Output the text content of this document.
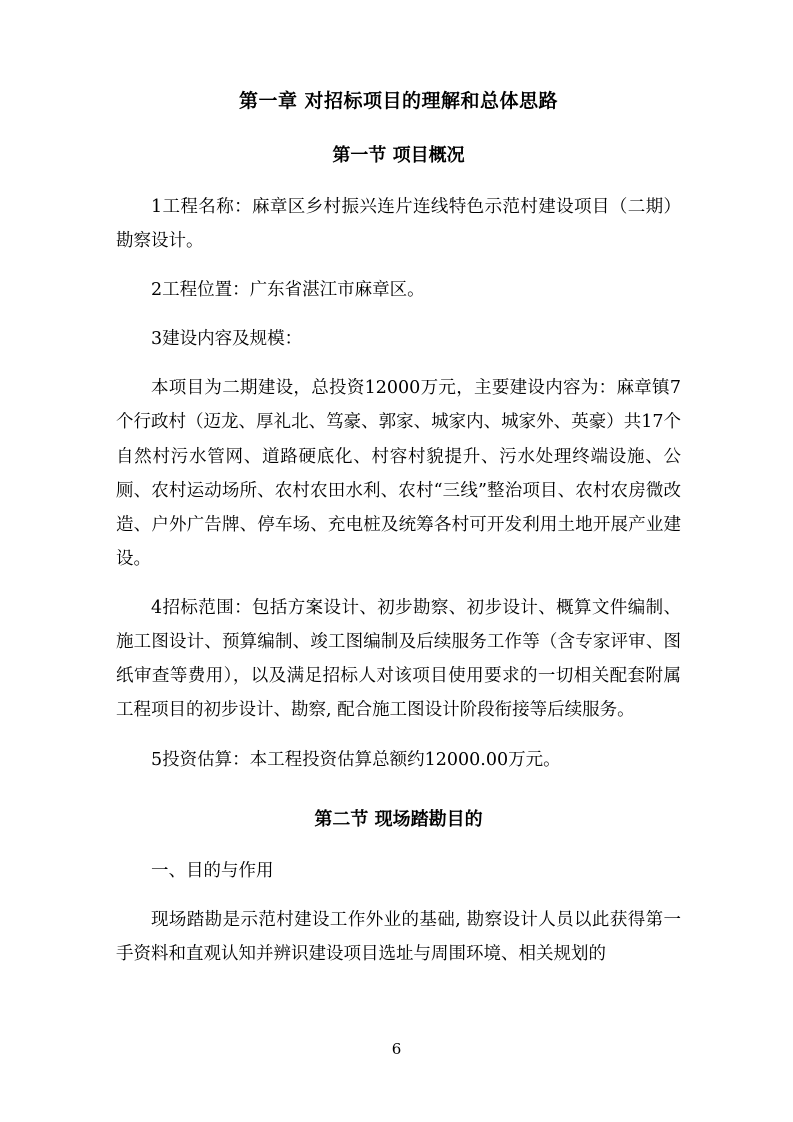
第一章 对招标项目的理解和总体思路
第一节 项目概况

1工程名称：麻章区乡村振兴连片连线特色示范村建设项目（二期）勘察设计。

2工程位置：广东省湛江市麻章区。

3建设内容及规模：

本项目为二期建设，总投资12000万元，主要建设内容为：麻章镇7个行政村（迈龙、厚礼北、笃豪、郭家、城家内、城家外、英豪）共17个自然村污水管网、道路硬底化、村容村貌提升、污水处理终端设施、公厕、农村运动场所、农村农田水利、农村“三线”整治项目、农村农房微改造、户外广告牌、停车场、充电桩及统筹各村可开发利用土地开展产业建设。

4招标范围：包括方案设计、初步勘察、初步设计、概算文件编制、施工图设计、预算编制、竣工图编制及后续服务工作等（含专家评审、图纸审查等费用），以及满足招标人对该项目使用要求的一切相关配套附属工程项目的初步设计、勘察, 配合施工图设计阶段衔接等后续服务。

5投资估算：本工程投资估算总额约12000.00万元。

第二节 现场踏勘目的

一、目的与作用

现场踏勘是示范村建设工作外业的基础, 勘察设计人员以此获得第一手资料和直观认知并辨识建设项目选址与周围环境、相关规划的

6
